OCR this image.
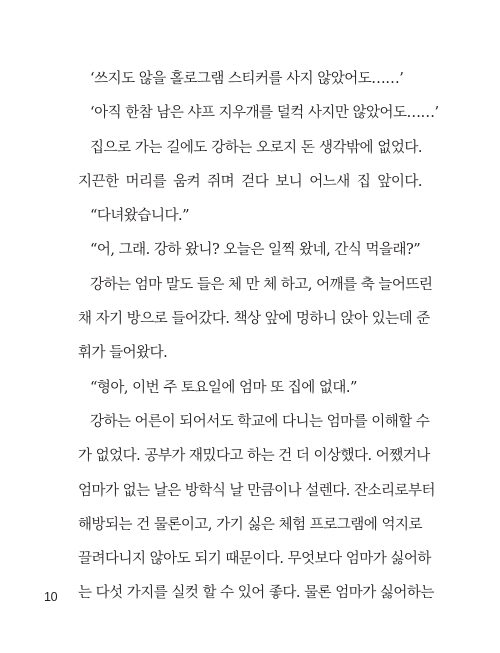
‘쓰지도 않을 홀로그램 스티커를 사지 않았어도……’
‘아직 한참 남은 샤프 지우개를 덜컥 사지만 않았어도……’
집으로 가는 길에도 강하는 오로지 돈 생각밖에 없었다.
지끈한 머리를 움켜 쥐며 걷다 보니 어느새 집 앞이다.
“다녀왔습니다.”
“어, 그래. 강하 왔니? 오늘은 일찍 왔네, 간식 먹을래?”
강하는 엄마 말도 들은 체 만 체 하고, 어깨를 축 늘어뜨린
채 자기 방으로 들어갔다. 책상 앞에 멍하니 앉아 있는데 준
휘가 들어왔다.
“형아, 이번 주 토요일에 엄마 또 집에 없대.”
강하는 어른이 되어서도 학교에 다니는 엄마를 이해할 수
가 없었다. 공부가 재밌다고 하는 건 더 이상했다. 어쨌거나
엄마가 없는 날은 방학식 날 만큼이나 설렌다. 잔소리로부터
해방되는 건 물론이고, 가기 싫은 체험 프로그램에 억지로
끌려다니지 않아도 되기 때문이다. 무엇보다 엄마가 싫어하
는 다섯 가지를 실컷 할 수 있어 좋다. 물론 엄마가 싫어하는
10
